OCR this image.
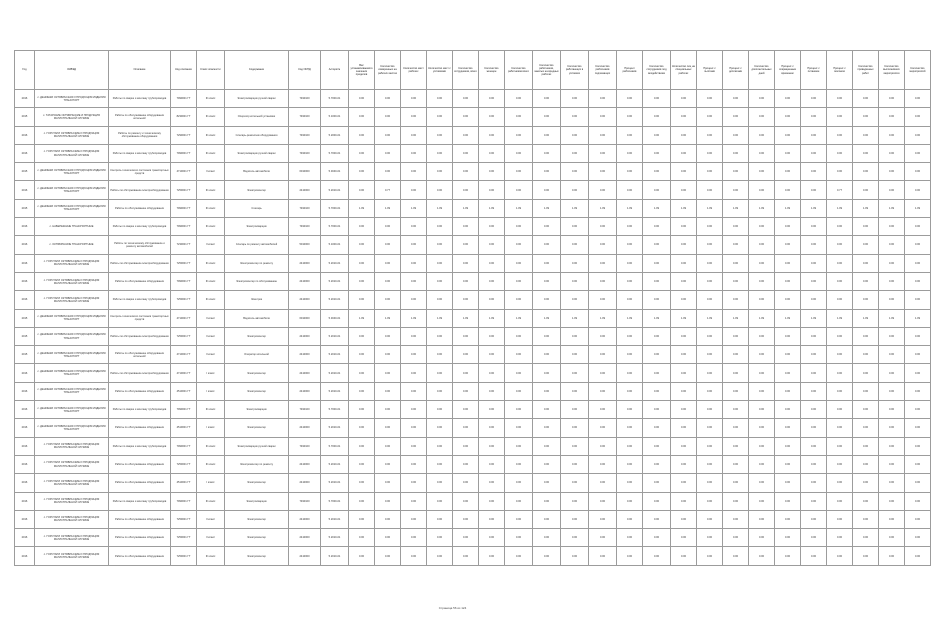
Год	ОКВЭД	Описание	Код описания	Класс опасности	Содержание	Код ОКПД	Алгоритм	Вес устанавливаемого значения пределов	Количество измеренных на рабочих местах	Количество мест рабочих	Количество мест с условиями	Количество сотрудников, всего	Количество женщин	Количество работников всего	Количество работников, занятых на вредных работах	Количество работающих в условиях	Количество работников подлежащих	Процент работников	Количество сотрудников под воздействием	Количество лиц на специальных работах	Процент с льготами	Процент с доплатами	Количество дополнительных дней	Процент с сокращенным временем	Процент с питанием	Процент с молоком	Количество проведенных работ	Количество выполнивших мероприятия	Количество мероприятий
2016	с. ДЕНИШКИ ОКТЯБРЬСКАЯ И ПРОДУКЦИЯ ИЗДЕЛИЯ ТРАНСПОРТ	Работы по сварке и монтажу трубопроводов	7990001 ГТ	III класс	Электросварщик ручной сварки	7490100	5.7000-01	0.00	0.00	0.00	0.00	0.00	0.00	0.00	0.00	0.00	0.00	0.00	0.00	0.00	0.00	0.00	0.00	0.00	0.00	0.00	0.00	0.00	0.00
2015	с. ТАТАРСКИЕ ОКТЯБРЬСКИЕ И ПРОДУКЦИЯ МАГИСТРАЛЬНОЙ СЛУЖБЫ	Работы по обслуживанию оборудования котельной	8230001 ГТ	III класс	Оператор котельной установки	7490100	5.1000-01	0.00	0.00	0.00	0.00	0.00	0.00	0.00	0.00	0.00	0.00	0.00	0.00	0.00	0.00	0.00	0.00	0.00	0.00	0.00	0.00	0.00	0.00
2016	с. ГОРСТАРИ ОКТЯБРЬСКИЕ И ПРОДУКЦИЯ МАГИСТРАЛЬНОЙ СЛУЖБЫ	Работы по ремонту и техническому обслуживанию оборудования	7290001 ГТ	III класс	Слесарь-ремонтник оборудования	7490100	5.2000-01	0.00	0.00	0.00	0.00	0.00	0.00	0.00	0.00	0.00	0.00	0.00	0.00	0.00	0.00	0.00	0.00	0.00	0.00	0.00	0.00	0.00	0.00
2016	с. ГОРСТАРИ ОКТЯБРЬСКИЕ И ПРОДУКЦИЯ МАГИСТРАЛЬНОЙ СЛУЖБЫ	Работы по сварке и монтажу трубопроводов	7990001 ГТ	III класс	Электросварщик ручной сварки	7490100	5.7000-01	0.00	0.00	0.00	0.00	0.00	0.00	0.00	0.00	0.00	0.00	0.00	0.00	0.00	0.00	0.00	0.00	0.00	0.00	0.00	0.00	0.00	0.00
2015	с. ДЕНИШКИ ОКТЯБРЬСКАЯ И ПРОДУКЦИЯ ИЗДЕЛИЯ ТРАНСПОРТ	Контроль технического состояния транспортных средств	4710001 ГТ	II класс	Водитель автомобиля	6010000	5.3040-01	0.00	0.00	0.00	0.00	0.00	0.00	0.00	0.00	0.00	0.00	0.00	0.00	0.00	0.00	0.00	0.00	0.00	0.00	0.00	0.00	0.00	0.00
2016	с. ДЕНИШКИ ОКТЯБРЬСКАЯ И ПРОДУКЦИЯ ИЗДЕЛИЯ ТРАНСПОРТ	Работы по обслуживанию электрооборудования	7250001 ГТ	III класс	Электромонтер	2410000	5.2010-01	0.00	0.77	0.00	0.00	0.00	0.00	0.00	0.00	0.00	0.00	0.00	0.00	0.00	0.00	0.00	0.00	0.00	0.00	0.77	0.00	0.00	0.00
2015	с. ДЕНИШКИ ОКТЯБРЬСКАЯ И ПРОДУКЦИЯ ИЗДЕЛИЯ ТРАНСПОРТ	Работы по обслуживанию оборудования	7990001 ГТ	III класс	Слесарь	7490100	5.7000-01	1.09	1.09	1.09	1.09	1.09	1.09	1.09	1.09	1.09	1.09	1.09	1.09	1.09	1.09	1.09	1.09	1.09	1.09	1.09	1.09	1.09	1.09
2016	с. НАБЕРЕЖНЫЕ ТРАНСПОРТНЫЕ	Работы по сварке и монтажу трубопроводов	7990001 ГТ	III класс	Электросварщик	7490100	5.7000-01	0.00	0.00	0.00	0.00	0.00	0.00	0.00	0.00	0.00	0.00	0.00	0.00	0.00	0.00	0.00	0.00	0.00	0.00	0.00	0.00	0.00	0.00
2016	с. ОКТЯБРЬСКИЕ ТРАНСПОРТНЫЕ	Работы по техническому обслуживанию и ремонту автомобилей	7230001 ГТ	II класс	Слесарь по ремонту автомобилей	5010000	5.1000-01	0.00	0.00	0.00	0.00	0.00	0.00	0.00	0.00	0.00	0.00	0.00	0.00	0.00	0.00	0.00	0.00	0.00	0.00	0.00	0.00	0.00	0.00
2016	с. ГОРСТАРИ ОКТЯБРЬСКИЕ И ПРОДУКЦИЯ МАГИСТРАЛЬНОЙ СЛУЖБЫ	Работы по обслуживанию электрооборудования	7250001 ГТ	III класс	Электромонтер по ремонту	2410000	5.2010-01	0.00	0.00	0.00	0.00	0.00	0.00	0.00	0.00	0.00	0.00	0.00	0.00	0.00	0.00	0.00	0.00	0.00	0.00	0.00	0.00	0.00	0.00
2016	с. ГОРСТАРИ ОКТЯБРЬСКИЕ И ПРОДУКЦИЯ МАГИСТРАЛЬНОЙ СЛУЖБЫ	Работы по обслуживанию оборудования	7990001 ГТ	III класс	Электромонтер по обслуживанию	2410000	5.2010-01	0.00	0.00	0.00	0.00	0.00	0.00	0.00	0.00	0.00	0.00	0.00	0.00	0.00	0.00	0.00	0.00	0.00	0.00	0.00	0.00	0.00	0.00
2016	с. ГОРСТАРИ ОКТЯБРЬСКИЕ И ПРОДУКЦИЯ МАГИСТРАЛЬНОЙ СЛУЖБЫ	Работы по сварке и монтажу трубопроводов	7250001 ГТ	III класс	Электрик	2410000	5.2010-01	0.00	0.00	0.00	0.00	0.00	0.00	0.00	0.00	0.00	0.00	0.00	0.00	0.00	0.00	0.00	0.00	0.00	0.00	0.00	0.00	0.00	0.00
2015	с. ДЕНИШКИ ОКТЯБРЬСКАЯ И ПРОДУКЦИЯ ИЗДЕЛИЯ ТРАНСПОРТ	Контроль технического состояния транспортных средств	4710001 ГТ	II класс	Водитель автомобиля	6010000	5.3040-01	1.09	1.09	1.09	1.09	1.09	1.09	1.09	1.09	1.09	1.09	1.09	1.09	1.09	1.09	1.09	1.09	1.09	1.09	1.09	1.09	1.09	1.09
2015	с. ДЕНИШКИ ОКТЯБРЬСКАЯ И ПРОДУКЦИЯ ИЗДЕЛИЯ ТРАНСПОРТ	Работы по обслуживанию электрооборудования	7250001 ГТ	II класс	Электромонтер	2410000	5.2010-01	0.00	0.00	0.00	0.00	0.00	0.00	0.00	0.00	0.00	0.00	0.00	0.00	0.00	0.00	0.00	0.00	0.00	0.00	0.00	0.00	0.00	0.00
2015	с. ДЕНИШКИ ОКТЯБРЬСКАЯ И ПРОДУКЦИЯ ИЗДЕЛИЯ ТРАНСПОРТ	Работы по обслуживанию оборудования котельной	4710001 ГТ	II класс	Оператор котельной	2410000	5.2010-01	0.00	0.00	0.00	0.00	0.00	0.00	0.00	0.00	0.00	0.00	0.00	0.00	0.00	0.00	0.00	0.00	0.00	0.00	0.00	0.00	0.00	0.00
2016	с. ДЕНИШКИ ОКТЯБРЬСКАЯ И ПРОДУКЦИЯ ИЗДЕЛИЯ ТРАНСПОРТ	Работы по обслуживанию электрооборудования	4710001 ГТ	I класс	Электромонтер	2410000	5.2010-01	0.00	0.00	0.00	0.00	0.00	0.00	0.00	0.00	0.00	0.00	0.00	0.00	0.00	0.00	0.00	0.00	0.00	0.00	0.00	0.00	0.00	0.00
2016	с. ДЕНИШКИ ОКТЯБРЬСКАЯ И ПРОДУКЦИЯ ИЗДЕЛИЯ ТРАНСПОРТ	Работы по обслуживанию оборудования	4510001 ГТ	I класс	Электромонтер	2410000	5.2010-01	0.00	0.00	0.00	0.00	0.00	0.00	0.00	0.00	0.00	0.00	0.00	0.00	0.00	0.00	0.00	0.00	0.00	0.00	0.00	0.00	0.00	0.00
2016	с. ДЕНИШКИ ОКТЯБРЬСКАЯ И ПРОДУКЦИЯ ИЗДЕЛИЯ ТРАНСПОРТ	Работы по сварке и монтажу трубопроводов	7990001 ГТ	III класс	Электросварщик	7490100	5.7000-01	0.00	0.00	0.00	0.00	0.00	0.00	0.00	0.00	0.00	0.00	0.00	0.00	0.00	0.00	0.00	0.00	0.00	0.00	0.00	0.00	0.00	0.00
2016	с. ДЕНИШКИ ОКТЯБРЬСКАЯ И ПРОДУКЦИЯ ИЗДЕЛИЯ ТРАНСПОРТ	Работы по обслуживанию оборудования	4510001 ГТ	I класс	Электромонтер	2410000	5.2010-01	0.00	0.00	0.00	0.00	0.00	0.00	0.00	0.00	0.00	0.00	0.00	0.00	0.00	0.00	0.00	0.00	0.00	0.00	0.00	0.00	0.00	0.00
2016	с. ГОРСТАРИ ОКТЯБРЬСКИЕ И ПРОДУКЦИЯ МАГИСТРАЛЬНОЙ СЛУЖБЫ	Работы по сварке и монтажу трубопроводов	7990001 ГТ	III класс	Электросварщик ручной сварки	7490100	5.7000-01	0.00	0.00	0.00	0.00	0.00	0.00	0.00	0.00	0.00	0.00	0.00	0.00	0.00	0.00	0.00	0.00	0.00	0.00	0.00	0.00	0.00	0.00
2016	с. ГОРСТАРИ ОКТЯБРЬСКИЕ И ПРОДУКЦИЯ МАГИСТРАЛЬНОЙ СЛУЖБЫ	Работы по обслуживанию оборудования	7250001 ГТ	III класс	Электромонтер по ремонту	2410000	5.2010-01	0.00	0.00	0.00	0.00	0.00	0.00	0.00	0.00	0.00	0.00	0.00	0.00	0.00	0.00	0.00	0.00	0.00	0.00	0.00	0.00	0.00	0.00
2016	с. ГОРСТАРИ ОКТЯБРЬСКИЕ И ПРОДУКЦИЯ МАГИСТРАЛЬНОЙ СЛУЖБЫ	Работы по обслуживанию оборудования	4510001 ГТ	I класс	Электромонтер	2410000	5.2010-01	0.00	0.00	0.00	0.00	0.00	0.00	0.00	0.00	0.00	0.00	0.00	0.00	0.00	0.00	0.00	0.00	0.00	0.00	0.00	0.00	0.00	0.00
2016	с. ГОРСТАРИ ОКТЯБРЬСКИЕ И ПРОДУКЦИЯ МАГИСТРАЛЬНОЙ СЛУЖБЫ	Работы по сварке и монтажу трубопроводов	7990001 ГТ	III класс	Электросварщик	7490100	5.7000-01	0.00	0.00	0.00	0.00	0.00	0.00	0.00	0.00	0.00	0.00	0.00	0.00	0.00	0.00	0.00	0.00	0.00	0.00	0.00	0.00	0.00	0.00
2016	с. ГОРСТАРИ ОКТЯБРЬСКИЕ И ПРОДУКЦИЯ МАГИСТРАЛЬНОЙ СЛУЖБЫ	Работы по обслуживанию оборудования	7250001 ГТ	II класс	Электромонтер	2410000	5.2010-01	0.00	0.00	0.00	0.00	0.00	0.00	0.00	0.00	0.00	0.00	0.00	0.00	0.00	0.00	0.00	0.00	0.00	0.00	0.00	0.00	0.00	0.00
2016	с. ГОРСТАРИ ОКТЯБРЬСКИЕ И ПРОДУКЦИЯ МАГИСТРАЛЬНОЙ СЛУЖБЫ	Работы по обслуживанию оборудования	7250001 ГТ	II класс	Электромонтер	2410000	5.2010-01	0.00	0.00	0.00	0.00	0.00	0.00	0.00	0.00	0.00	0.00	0.00	0.00	0.00	0.00	0.00	0.00	0.00	0.00	0.00	0.00	0.00	0.00
2016	с. ГОРСТАРИ ОКТЯБРЬСКИЕ И ПРОДУКЦИЯ МАГИСТРАЛЬНОЙ СЛУЖБЫ	Работы по обслуживанию оборудования	7250001 ГТ	III класс	Электромонтер	2410000	5.2010-01	0.00	0.00	0.00	0.00	0.00	0.00	0.00	0.00	0.00	0.00	0.00	0.00	0.00	0.00	0.00	0.00	0.00	0.00	0.00	0.00	0.00	0.00
Страница 56 из 124
